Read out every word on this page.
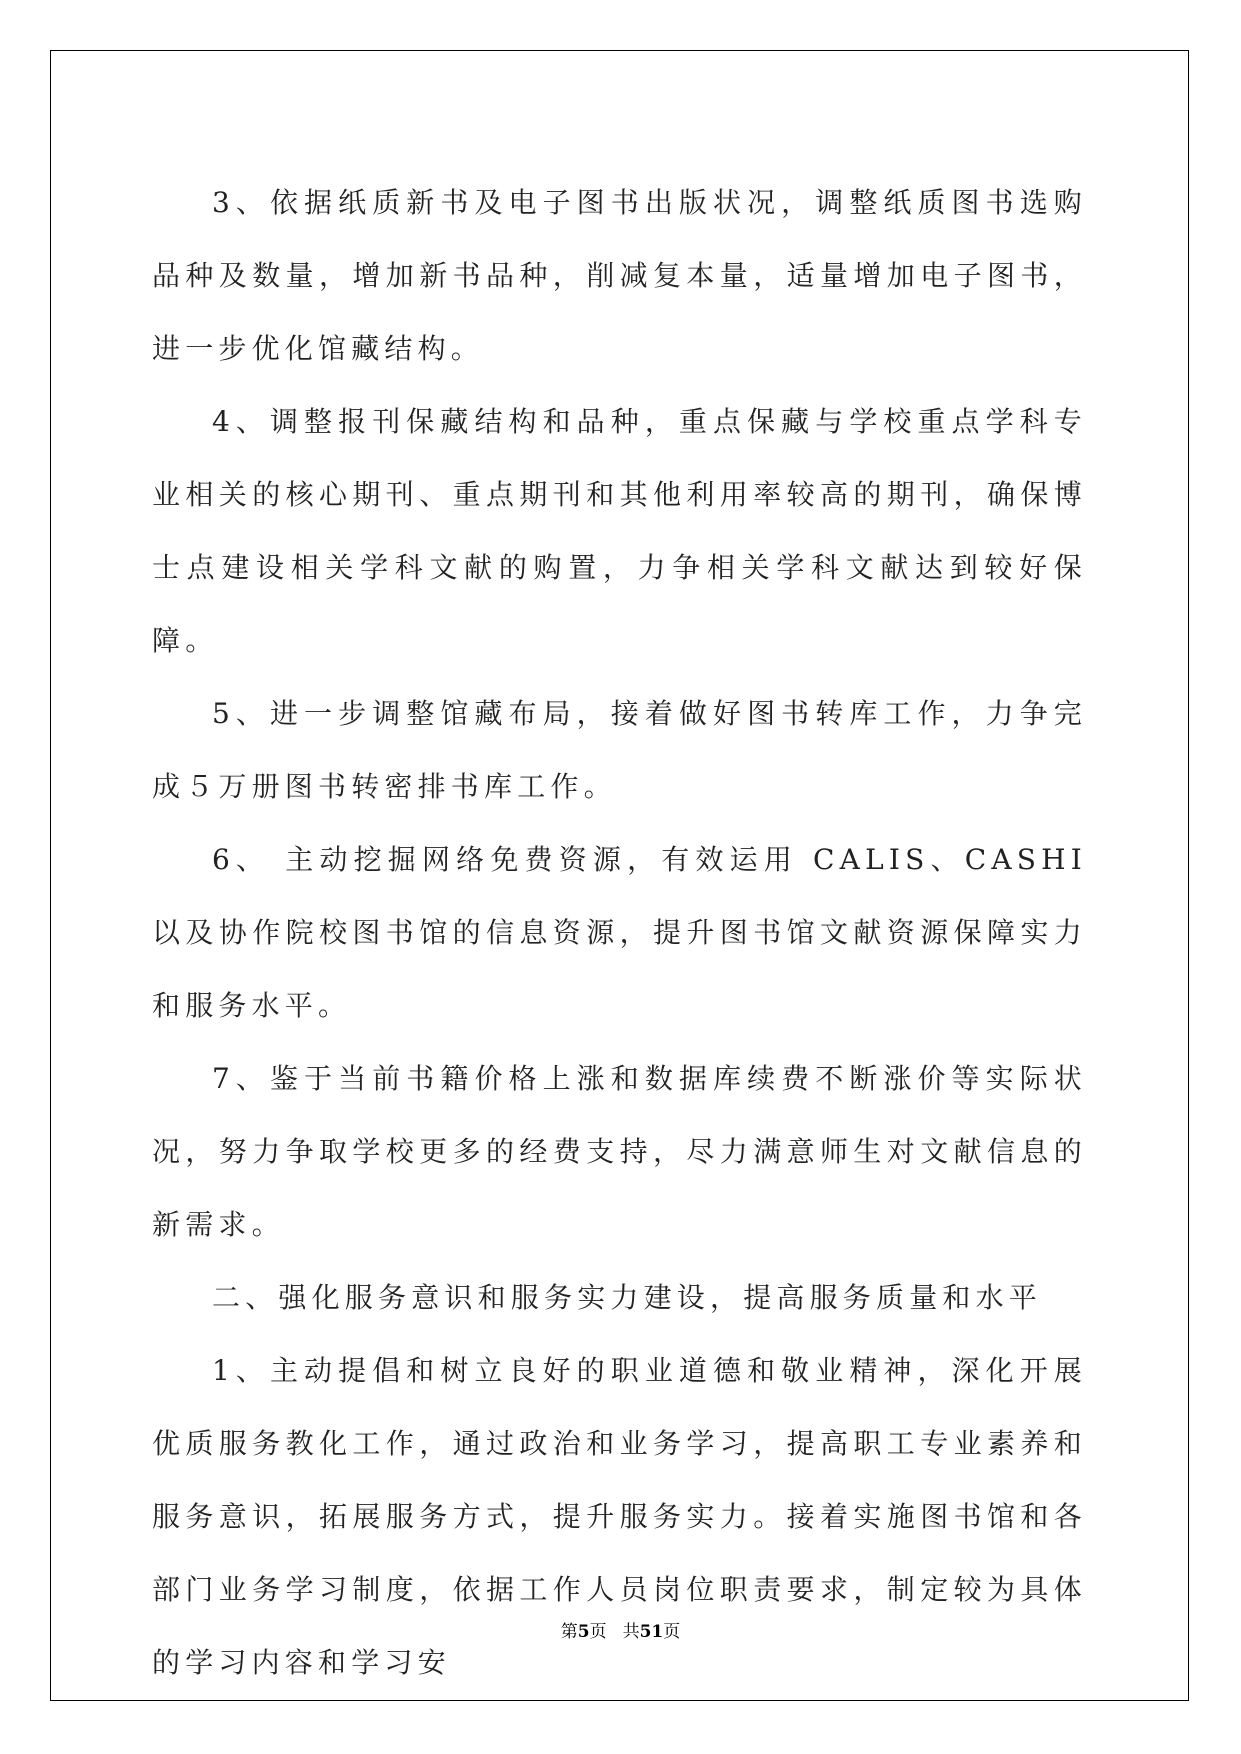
3、依据纸质新书及电子图书出版状况，调整纸质图书选购 品种及数量，增加新书品种，削减复本量，适量增加电子图书，进一步优化馆藏结构。

4、调整报刊保藏结构和品种，重点保藏与学校重点学科专业相关的核心期刊、重点期刊和其他利用率较高的期刊，确保博士点建设相关学科文献的购置，力争相关学科文献达到较好保障。

5、进一步调整馆藏布局，接着做好图书转库工作，力争完成５万册图书转密排书库工作。

6、 主动挖掘网络免费资源，有效运用 CALIS、CASHI 以及协作院校图书馆的信息资源，提升图书馆文献资源保障实力和服务水平。

7、鉴于当前书籍价格上涨和数据库续费不断涨价等实际状况，努力争取学校更多的经费支持，尽力满意师生对文献信息的新需求。

二、强化服务意识和服务实力建设，提高服务质量和水平

1、主动提倡和树立良好的职业道德和敬业精神，深化开展优质服务教化工作，通过政治和业务学习，提高职工专业素养和服务意识，拓展服务方式，提升服务实力。接着实施图书馆和各部门业务学习制度，依据工作人员岗位职责要求，制定较为具体的学习内容和学习安

第5页 共51页
